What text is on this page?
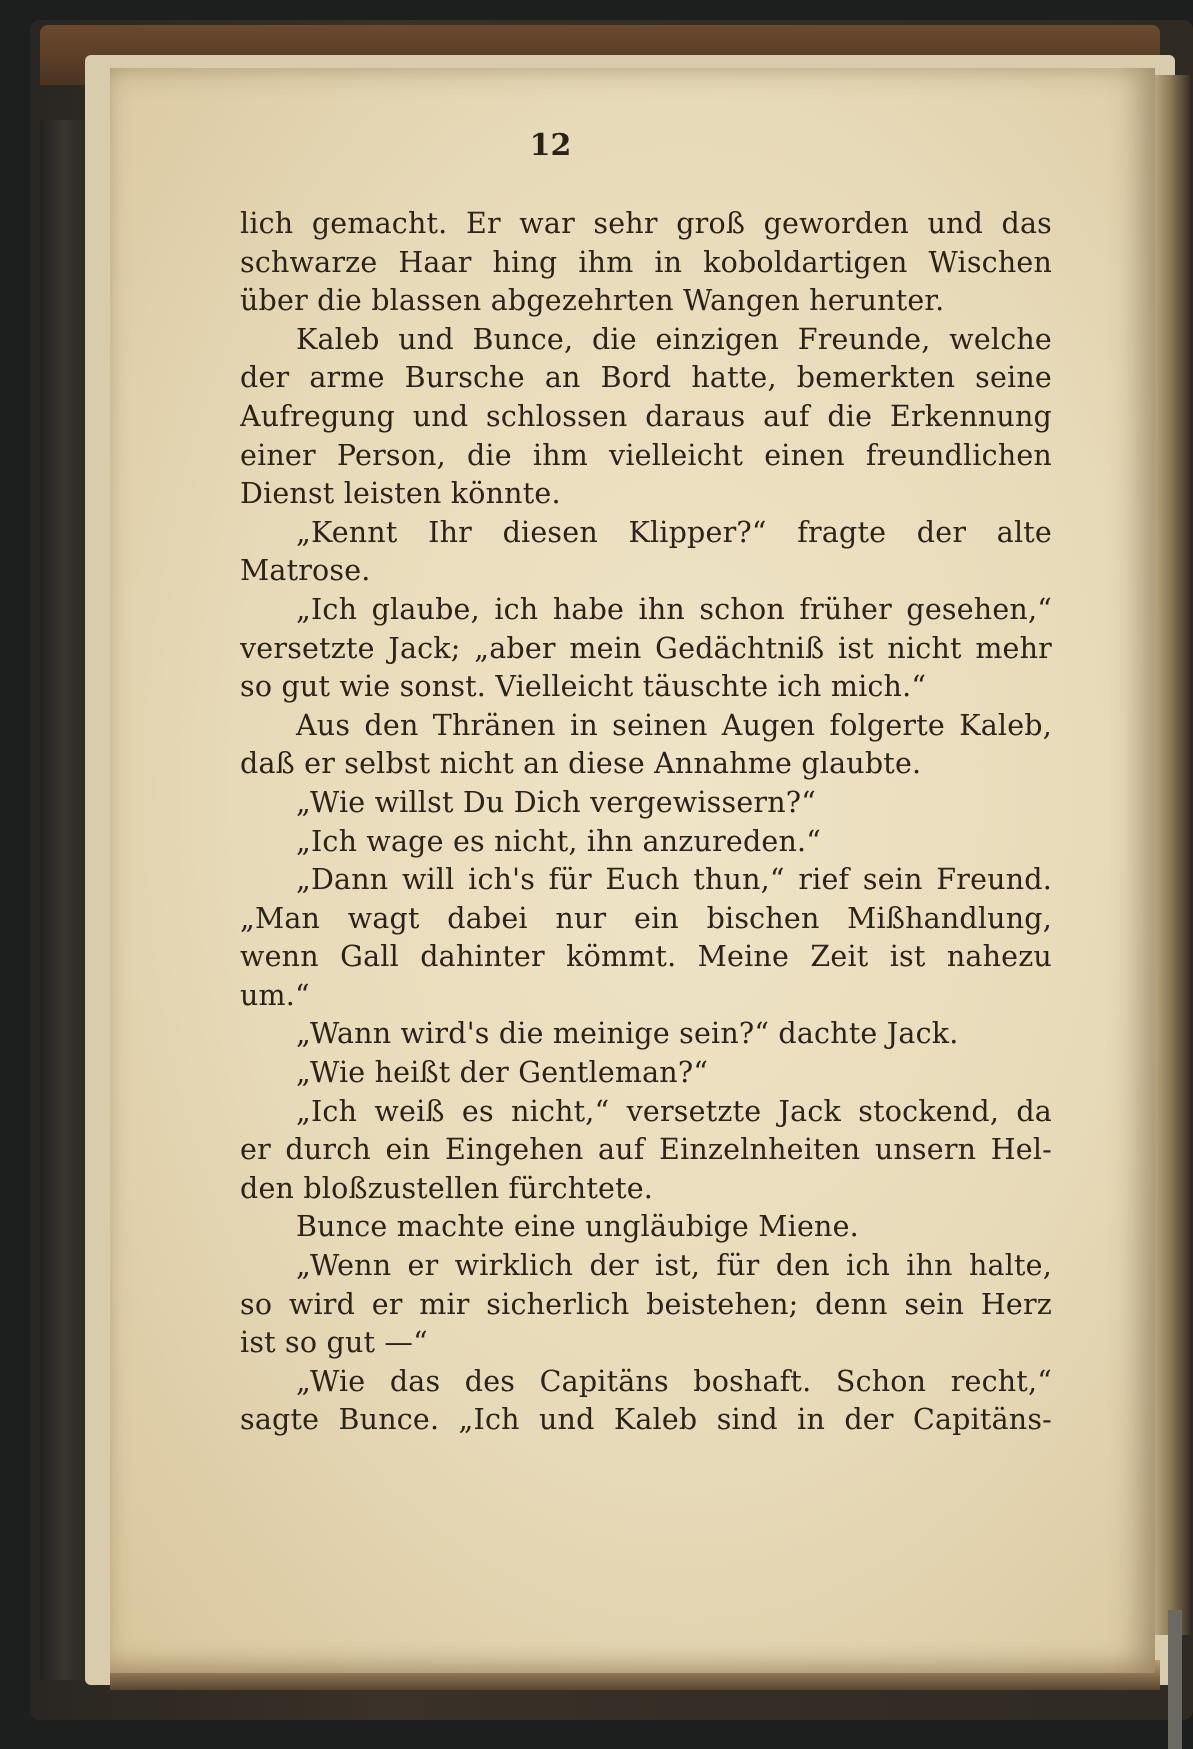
12
lich gemacht. Er war sehr groß geworden und das
schwarze Haar hing ihm in koboldartigen Wischen
über die blassen abgezehrten Wangen herunter.
Kaleb und Bunce, die einzigen Freunde, welche
der arme Bursche an Bord hatte, bemerkten seine
Aufregung und schlossen daraus auf die Erkennung
einer Person, die ihm vielleicht einen freundlichen
Dienst leisten könnte.
„Kennt Ihr diesen Klipper?“ fragte der alte
Matrose.
„Ich glaube, ich habe ihn schon früher gesehen,“
versetzte Jack; „aber mein Gedächtniß ist nicht mehr
so gut wie sonst. Vielleicht täuschte ich mich.“
Aus den Thränen in seinen Augen folgerte Kaleb,
daß er selbst nicht an diese Annahme glaubte.
„Wie willst Du Dich vergewissern?“
„Ich wage es nicht, ihn anzureden.“
„Dann will ich's für Euch thun,“ rief sein Freund.
„Man wagt dabei nur ein bischen Mißhandlung,
wenn Gall dahinter kömmt. Meine Zeit ist nahezu
um.“
„Wann wird's die meinige sein?“ dachte Jack.
„Wie heißt der Gentleman?“
„Ich weiß es nicht,“ versetzte Jack stockend, da
er durch ein Eingehen auf Einzelnheiten unsern Hel-
den bloßzustellen fürchtete.
Bunce machte eine ungläubige Miene.
„Wenn er wirklich der ist, für den ich ihn halte,
so wird er mir sicherlich beistehen; denn sein Herz
ist so gut —“
„Wie das des Capitäns boshaft. Schon recht,“
sagte Bunce. „Ich und Kaleb sind in der Capitäns-
